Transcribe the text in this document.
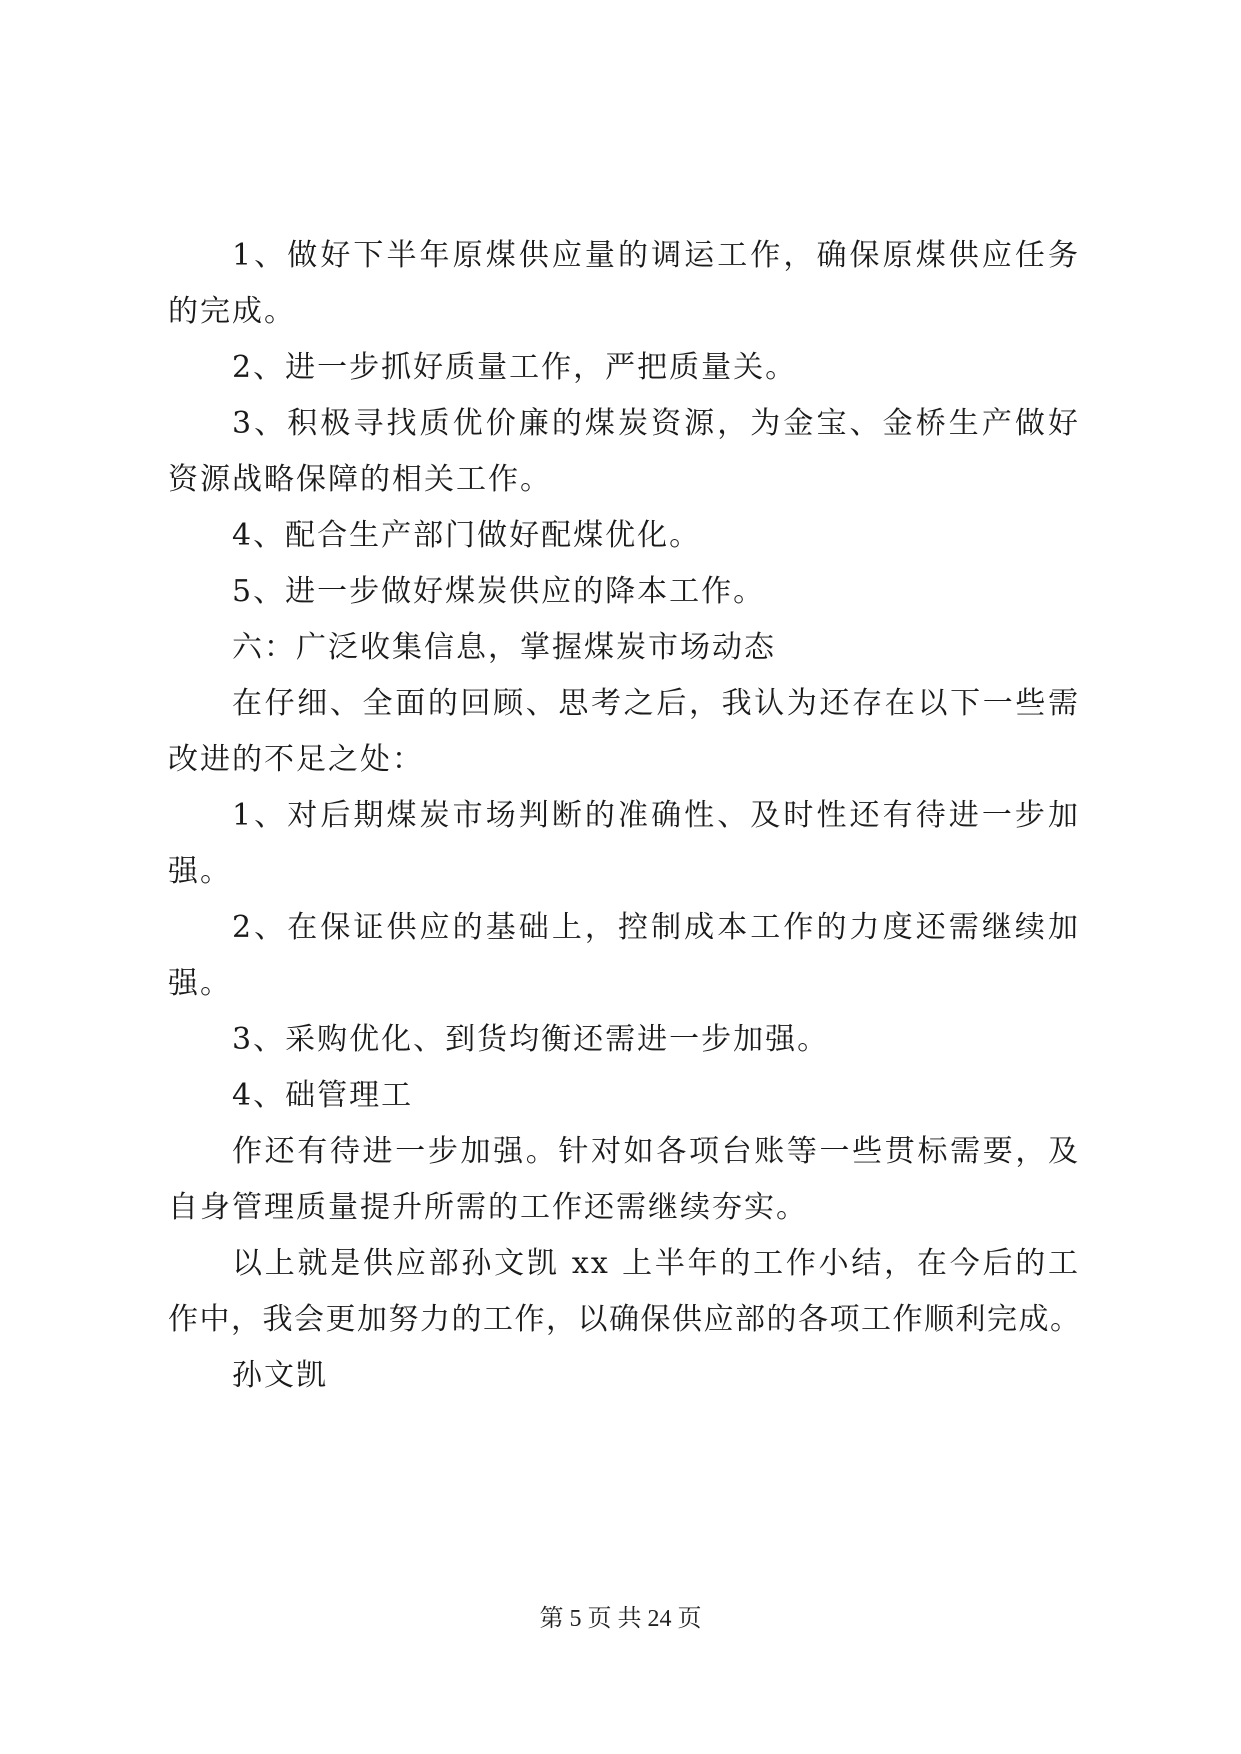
1、做好下半年原煤供应量的调运工作，确保原煤供应任务
的完成。
2、进一步抓好质量工作，严把质量关。
3、积极寻找质优价廉的煤炭资源，为金宝、金桥生产做好
资源战略保障的相关工作。
4、配合生产部门做好配煤优化。
5、进一步做好煤炭供应的降本工作。
六：广泛收集信息，掌握煤炭市场动态
在仔细、全面的回顾、思考之后，我认为还存在以下一些需
改进的不足之处：
1、对后期煤炭市场判断的准确性、及时性还有待进一步加
强。
2、在保证供应的基础上，控制成本工作的力度还需继续加
强。
3、采购优化、到货均衡还需进一步加强。
4、础管理工
作还有待进一步加强。针对如各项台账等一些贯标需要，及
自身管理质量提升所需的工作还需继续夯实。
以上就是供应部孙文凯 xx 上半年的工作小结，在今后的工
作中，我会更加努力的工作，以确保供应部的各项工作顺利完成。
孙文凯
第 5 页 共 24 页
